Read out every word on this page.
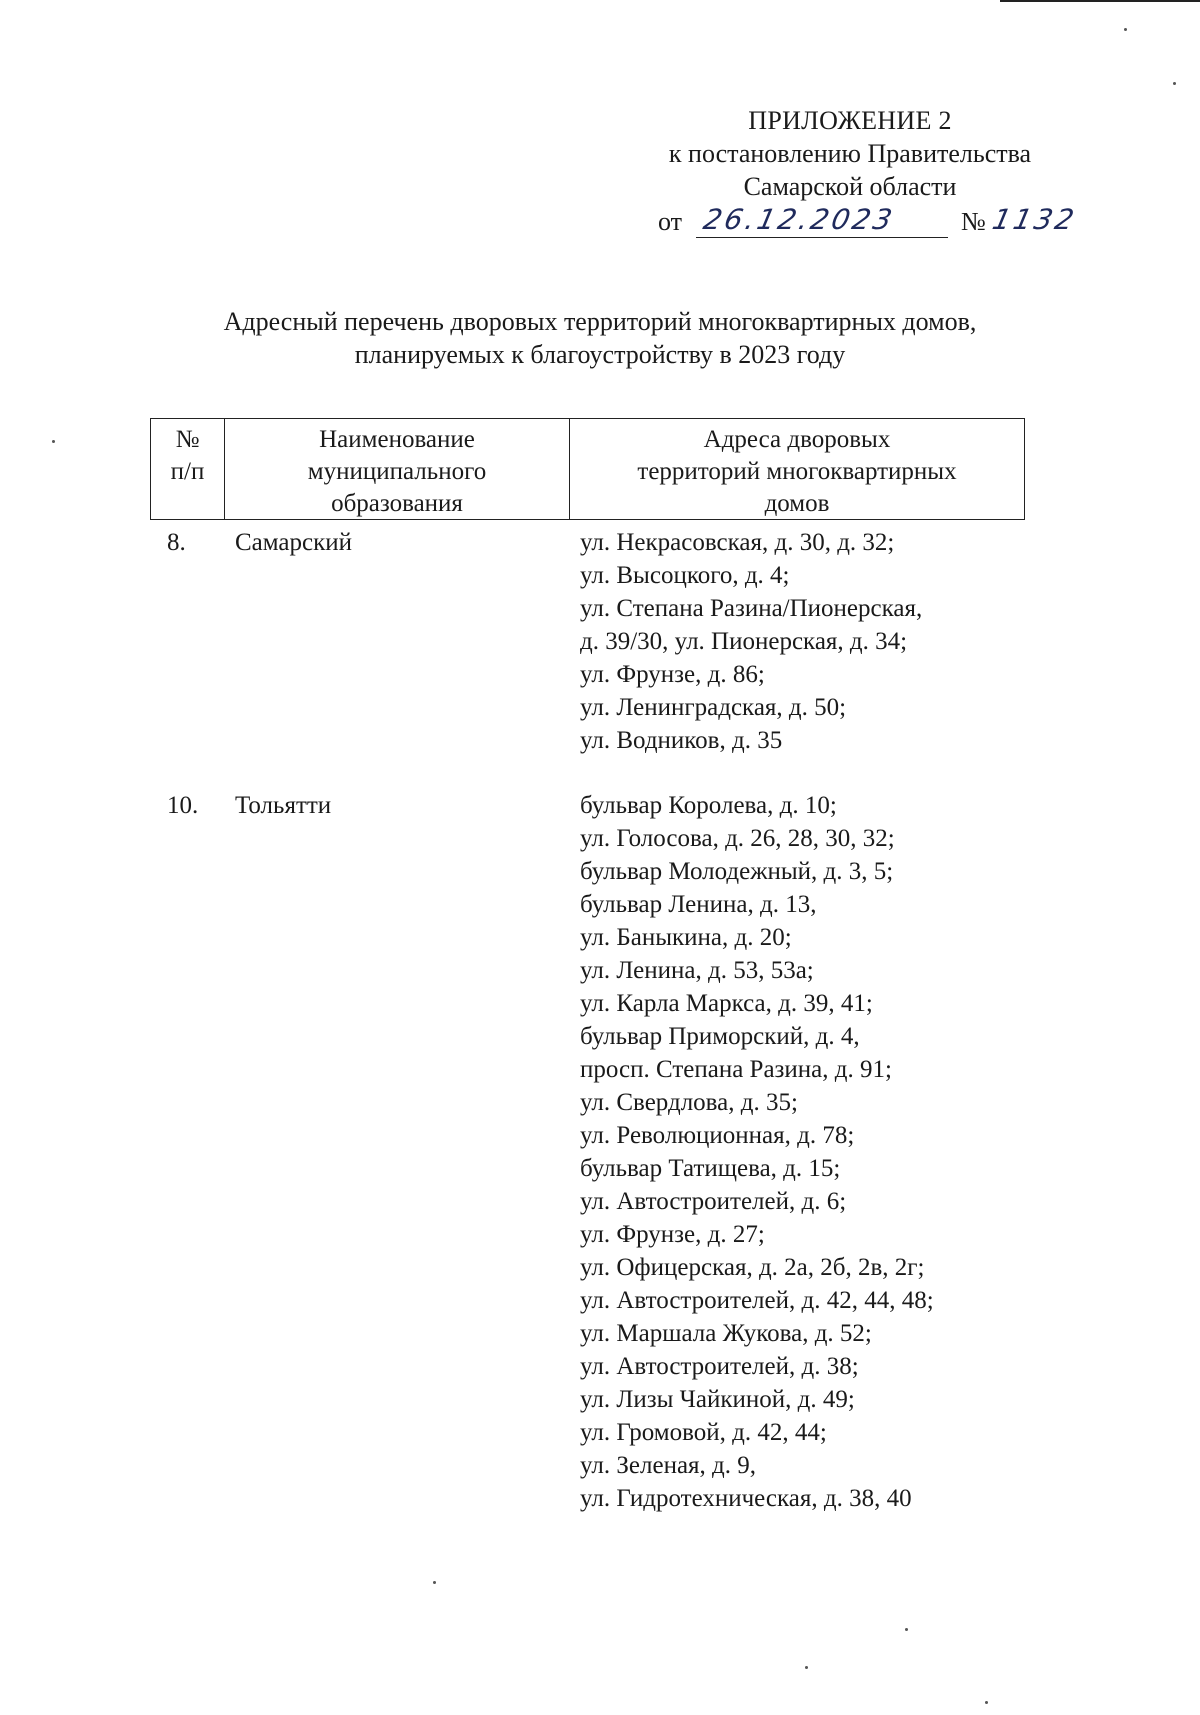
ПРИЛОЖЕНИЕ 2
к постановлению Правительства
Самарской области
от 26.12.2023 № 1132
Адресный перечень дворовых территорий многоквартирных домов,
планируемых к благоустройству в 2023 году
№
п/п
Наименование
муниципального
образования
Адреса дворовых
территорий многоквартирных
домов
8. Самарский	ул. Некрасовская, д. 30, д. 32;
ул. Высоцкого, д. 4;
ул. Степана Разина/Пионерская,
д. 39/30, ул. Пионерская, д. 34;
ул. Фрунзе, д. 86;
ул. Ленинградская, д. 50;
ул. Водников, д. 35
10. Тольятти	бульвар Королева, д. 10;
ул. Голосова, д. 26, 28, 30, 32;
бульвар Молодежный, д. 3, 5;
бульвар Ленина, д. 13,
ул. Баныкина, д. 20;
ул. Ленина, д. 53, 53а;
ул. Карла Маркса, д. 39, 41;
бульвар Приморский, д. 4,
просп. Степана Разина, д. 91;
ул. Свердлова, д. 35;
ул. Революционная, д. 78;
бульвар Татищева, д. 15;
ул. Автостроителей, д. 6;
ул. Фрунзе, д. 27;
ул. Офицерская, д. 2а, 2б, 2в, 2г;
ул. Автостроителей, д. 42, 44, 48;
ул. Маршала Жукова, д. 52;
ул. Автостроителей, д. 38;
ул. Лизы Чайкиной, д. 49;
ул. Громовой, д. 42, 44;
ул. Зеленая, д. 9,
ул. Гидротехническая, д. 38, 40
